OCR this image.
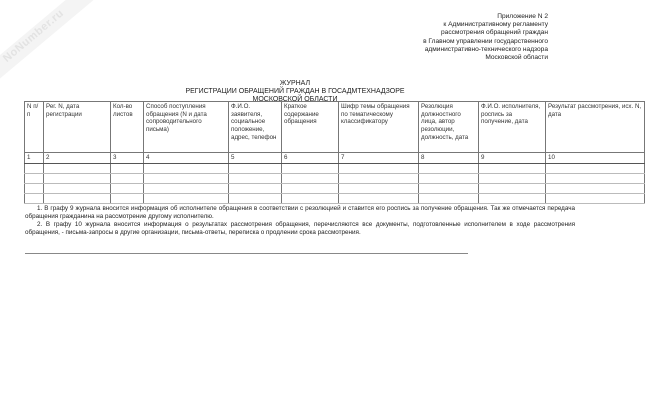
NoNumber.ru	Приложение N 2
к Административному регламенту
рассмотрения обращений граждан
в Главном управлении государственного
административно-технического надзора
Московской области
ЖУРНАЛ
РЕГИСТРАЦИИ ОБРАЩЕНИЙ ГРАЖДАН В ГОСАДМТЕХНАДЗОРЕ
МОСКОВСКОЙ ОБЛАСТИ
N п/п	Рег. N, дата регистрации	Кол-во листов	Способ поступления обращения (N и дата сопроводительного письма)	Ф.И.О. заявителя, социальное положение, адрес, телефон	Краткое содержание обращения	Шифр темы обращения по тематическому классификатору	Резолюция должностного лица, автор резолюции, должность, дата	Ф.И.О. исполнителя, роспись за получение, дата	Результат рассмотрения, исх. N, дата
1	2	3	4	5	6	7	8	9	10

1. В графу 9 журнала вносится информация об исполнителе обращения в соответствии с резолюцией и ставится его роспись за получение обращения. Так же отмечается передача обращения гражданина на рассмотрение другому исполнителю.

2. В графу 10 журнала вносится информация о результатах рассмотрения обращения, перечисляются все документы, подготовленные исполнителем в ходе рассмотрения обращения, - письма-запросы в другие организации, письма-ответы, переписка о продлении срока рассмотрения.
